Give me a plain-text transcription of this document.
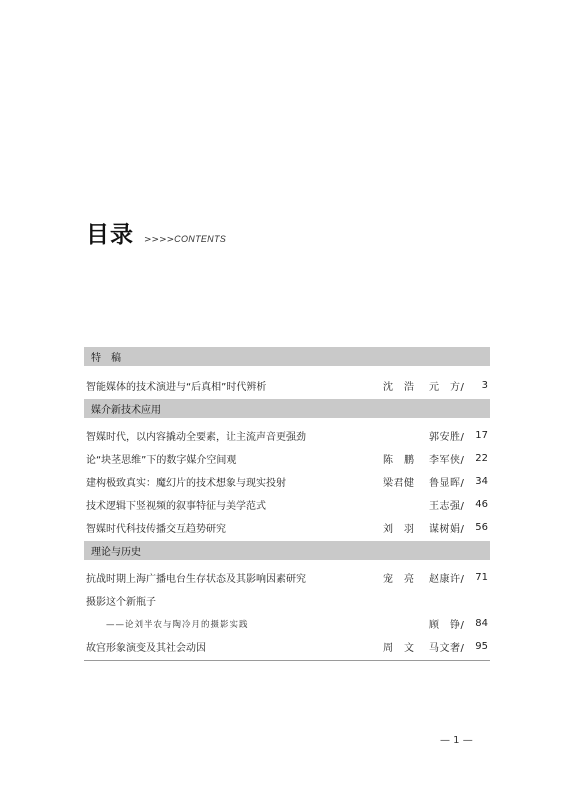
目录 >>>> CONTENTS
特　稿
智能媒体的技术演进与“后真相”时代辨析	沈　浩 元　方/ 3
媒介新技术应用
智媒时代，以内容撬动全要素，让主流声音更强劲	郭安胜/ 17
论“块茎思维”下的数字媒介空间观	陈　鹏 李军侠/ 22
建构极致真实：魔幻片的技术想象与现实投射	梁君健 鲁显晖/ 34
技术逻辑下竖视频的叙事特征与美学范式	王志强/ 46
智媒时代科技传播交互趋势研究	刘　羽 谋树娟/ 56
理论与历史
抗战时期上海广播电台生存状态及其影响因素研究	宠　亮 赵康许/ 71
摄影这个新瓶子
——论刘半农与陶冷月的摄影实践	顾　铮/ 84
故宫形象演变及其社会动因	周　文 马文奢/ 95
— 1 —
